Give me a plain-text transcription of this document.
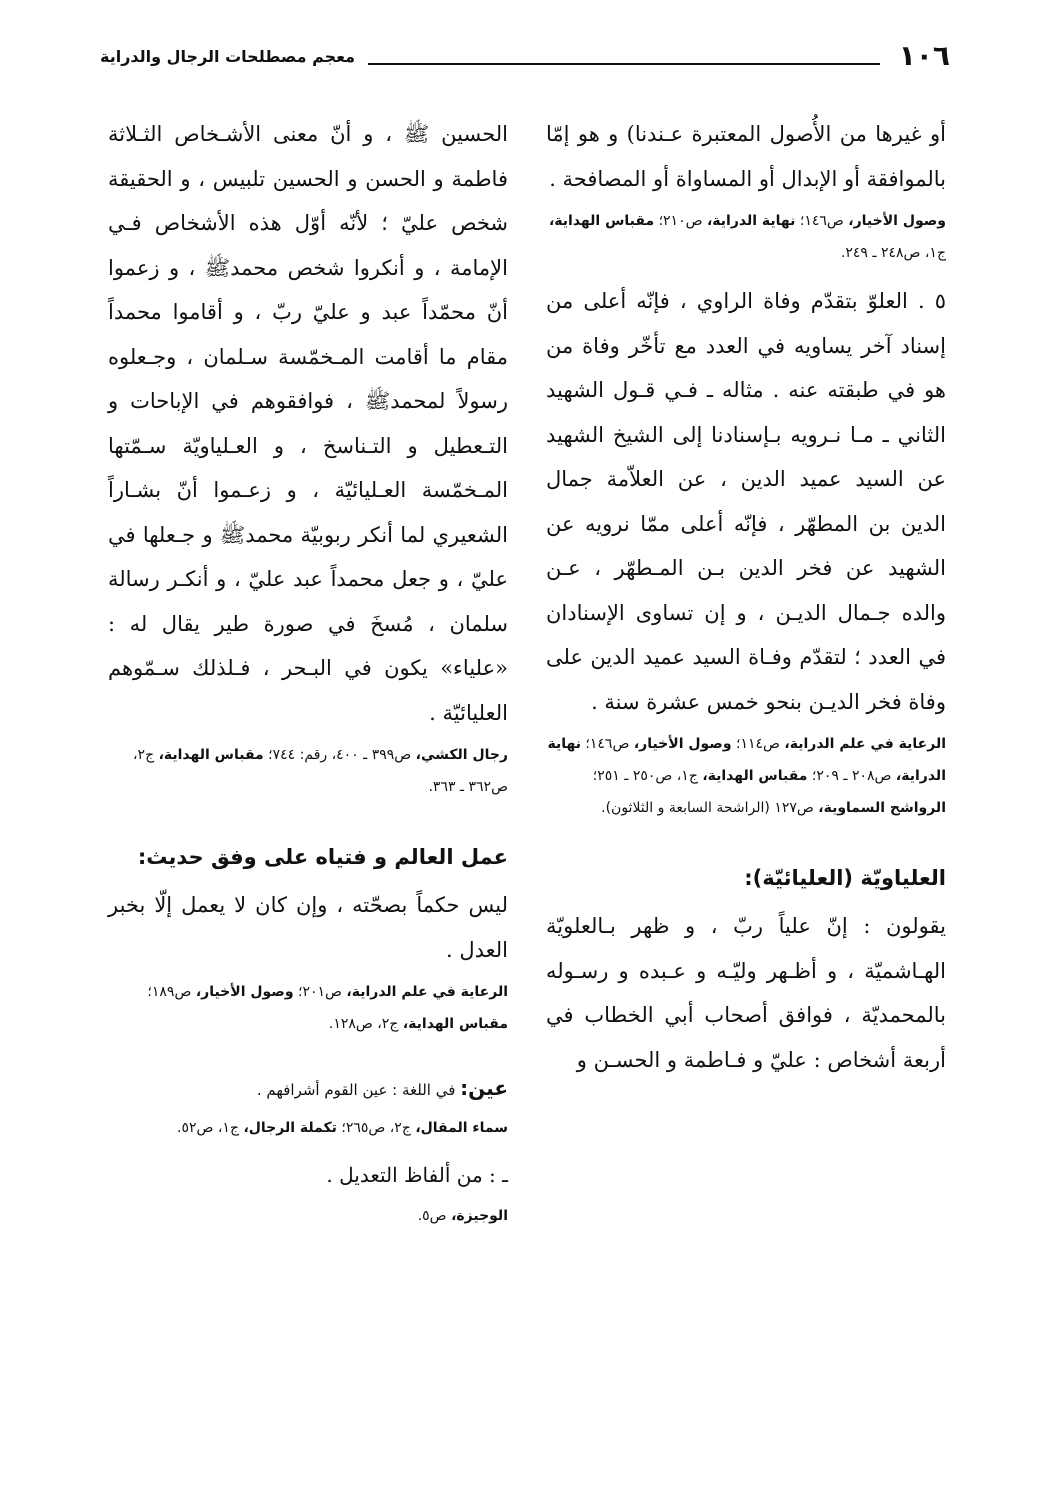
١٠٦
معجم مصطلحات الرجال والدراية

أو غيرها من الأُصول المعتبرة عـندنا) و هو إمّا بالموافقة أو الإبدال أو المساواة أو المصافحة .

وصول الأخيار، ص١٤٦؛ نهاية الدراية، ص٢١٠؛ مقباس الهداية، ج١، ص٢٤٨ ـ ٢٤٩.

٥ . العلوّ بتقدّم وفاة الراوي ، فإنّه أعلى من إسناد آخر يساويه في العدد مع تأخّر وفاة من هو في طبقته عنه . مثاله ـ فـي قـول الشهيد الثاني ـ مـا نـرويه بـإسنادنا إلى الشيخ الشهيد عن السيد عميد الدين ، عن العلاّمة جمال الدين بن المطهّر ، فإنّه أعلى ممّا نرويه عن الشهيد عن فخر الدين بـن المـطهّر ، عـن والده جـمال الديـن ، و إن تساوى الإسنادان في العدد ؛ لتقدّم وفـاة السيد عميد الدين على وفاة فخر الديـن بنحو خمس عشرة سنة .

الرعاية في علم الدراية، ص١١٤؛ وصول الأخيار، ص١٤٦؛ نهاية الدراية، ص٢٠٨ ـ ٢٠٩؛ مقباس الهداية، ج١، ص٢٥٠ ـ ٢٥١؛ الرواشح السماوية، ص١٢٧ (الراشحة السابعة و الثلاثون).
العلياويّة (العليائيّة):

يقولون : إنّ علياً ربّ ، و ظهر بـالعلويّة الهـاشميّة ، و أظـهر وليّـه و عـبده و رسـوله بالمحمديّة ، فوافق أصحاب أبي الخطاب في أربعة أشخاص : عليّ و فـاطمة و الحسـن و

الحسين ﷺ ، و أنّ معنى الأشـخاص الثـلاثة فاطمة و الحسن و الحسين تلبيس ، و الحقيقة شخص عليّ ؛ لأنّه أوّل هذه الأشخاص فـي الإمامة ، و أنكروا شخص محمدﷺ ، و زعموا أنّ محمّداً عبد و عليّ ربّ ، و أقاموا محمداً مقام ما أقامت المـخمّسة سـلمان ، وجـعلوه رسولاً لمحمدﷺ ، فوافقوهم في الإباحات و التـعطيل و التـناسخ ، و العـلياويّة سـمّتها المـخمّسة العـليائيّة ، و زعـموا أنّ بشـاراً الشعيري لما أنكر ربوبيّة محمدﷺ و جـعلها في عليّ ، و جعل محمداً عبد عليّ ، و أنكـر رسالة سلمان ، مُسخَ في صورة طير يقال له : «علياء» يكون في البـحر ، فـلذلك سـمّوهم العليائيّة .

رجال الكشي، ص٣٩٩ ـ ٤٠٠، رقم: ٧٤٤؛ مقباس الهداية، ج٢، ص٣٦٢ ـ ٣٦٣.
عمل العالم و فتياه على وفق حديث:

ليس حكماً بصحّته ، وإن كان لا يعمل إلّا بخبر العدل .

الرعاية في علم الدراية، ص٢٠١؛ وصول الأخيار، ص١٨٩؛ مقباس الهداية، ج٢، ص١٢٨.

عين: في اللغة : عين القوم أشرافهم .

سماء المقال، ج٢، ص٢٦٥؛ تكملة الرجال، ج١، ص٥٢.

ـ : من ألفاظ التعديل .

الوجيزة، ص٥.
